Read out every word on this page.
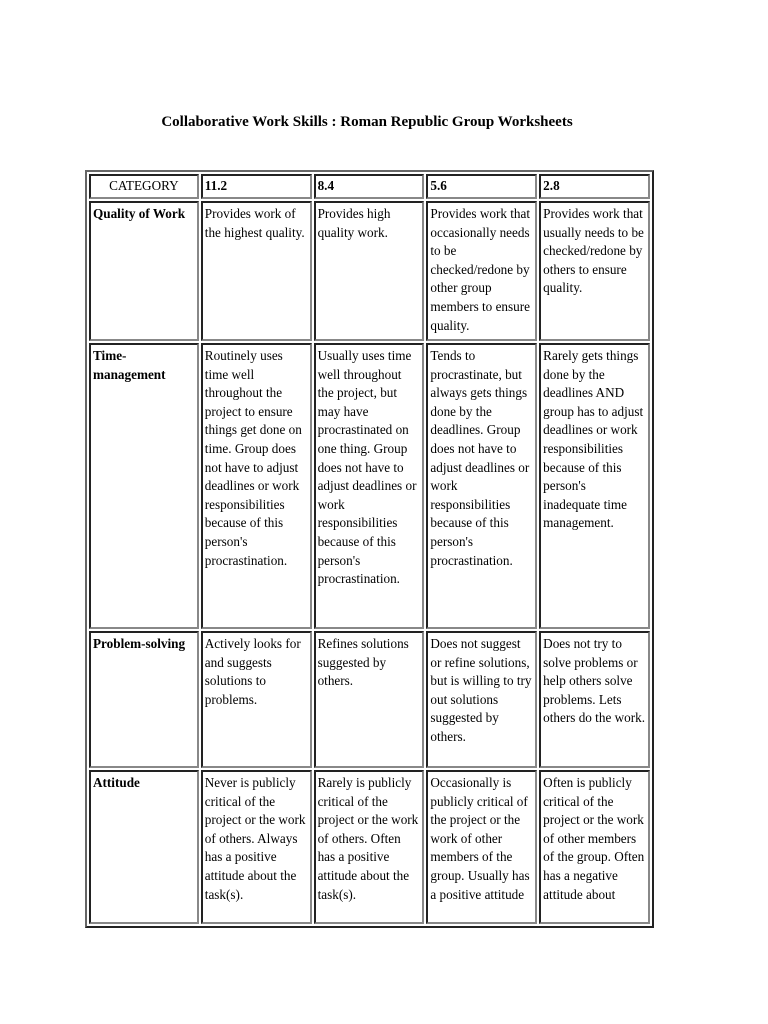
Collaborative Work Skills : Roman Republic Group Worksheets
CATEGORY	11.2	8.4	5.6	2.8
Quality of Work	Provides work of the highest quality.	Provides high quality work.	Provides work that occasionally needs to be checked/redone by other group members to ensure quality.	Provides work that usually needs to be checked/redone by others to ensure quality.
Time-management	Routinely uses time well throughout the project to ensure things get done on time. Group does not have to adjust deadlines or work responsibilities because of this person's procrastination.	Usually uses time well throughout the project, but may have procrastinated on one thing. Group does not have to adjust deadlines or work responsibilities because of this person's procrastination.	Tends to procrastinate, but always gets things done by the deadlines. Group does not have to adjust deadlines or work responsibilities because of this person's procrastination.	Rarely gets things done by the deadlines AND group has to adjust deadlines or work responsibilities because of this person's inadequate time management.
Problem-solving	Actively looks for and suggests solutions to problems.	Refines solutions suggested by others.	Does not suggest or refine solutions, but is willing to try out solutions suggested by others.	Does not try to solve problems or help others solve problems. Lets others do the work.
Attitude	Never is publicly critical of the project or the work of others. Always has a positive attitude about the task(s).	Rarely is publicly critical of the project or the work of others. Often has a positive attitude about the task(s).	Occasionally is publicly critical of the project or the work of other members of the group. Usually has a positive attitude	Often is publicly critical of the project or the work of other members of the group. Often has a negative attitude about
